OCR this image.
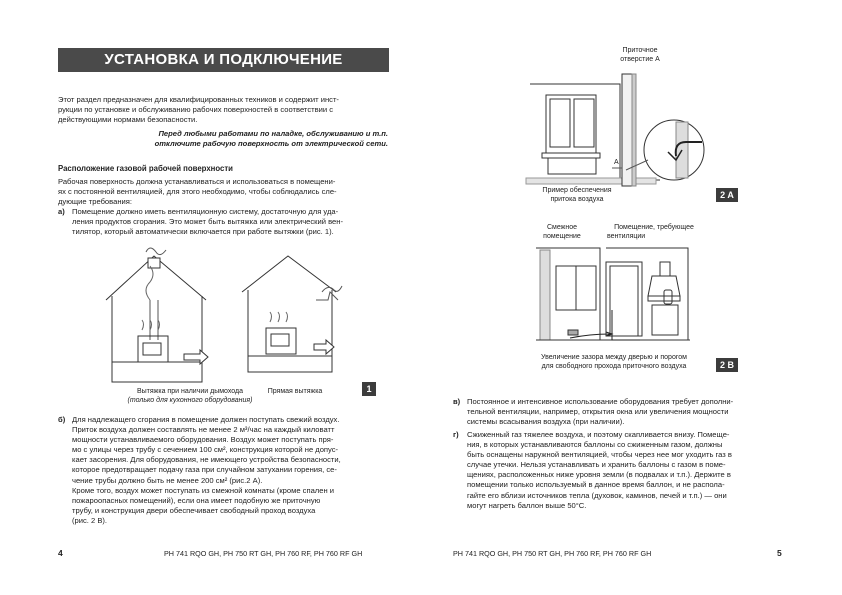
УСТАНОВКА И ПОДКЛЮЧЕНИЕ
Этот раздел предназначен для квалифицированных техников и содержит инст-
рукции по установке и обслуживанию рабочих поверхностей в соответствии с
действующими нормами безопасности.
Перед любыми работами по наладке, обслуживанию и т.п.
отключите рабочую поверхность от электрической сети.
Расположение газовой рабочей поверхности
Рабочая поверхность должна устанавливаться и использоваться в помещени-
ях с постоянной вентиляцией, для этого необходимо, чтобы соблюдались сле-
дующие требования:
а) Помещение должно иметь вентиляционную систему, достаточную для уда-
ления продуктов сгорания. Это может быть вытяжка или электрический вен-
тилятор, который автоматически включается при работе вытяжки (рис. 1).
Вытяжка при наличии дымохода
(только для кухонного оборудования)
Прямая вытяжка	1
б) Для надлежащего сгорания в помещение должен поступать свежий воздух.
Приток воздуха должен составлять не менее 2 м³/час на каждый киловатт
мощности устанавливаемого оборудования. Воздух может поступать пря-
мо с улицы через трубу с сечением 100 см², конструкция которой не допус-
кает засорения. Для оборудования, не имеющего устройства безопасности,
которое предотвращает подачу газа при случайном затухании горения, се-
чение трубы должно быть не менее 200 см² (рис.2 А).
Кроме того, воздух может поступать из смежной комнаты (кроме спален и
пожароопасных помещений), если она имеет подобную же приточную
трубу, и конструкция двери обеспечивает свободный проход воздуха
(рис. 2 В).
4	PH 741 RQO GH, PH 750 RT GH, PH 760 RF, PH 760 RF GH
Приточное
отверстие А
А
Пример обеспечения
притока воздуха	2 A
Смежное
помещение
Помещение, требующее
вентиляции
Увеличение зазора между дверью и порогом
для свободного прохода приточного воздуха	2 B
в) Постоянное и интенсивное использование оборудования требует дополни-
тельной вентиляции, например, открытия окна или увеличения мощности
системы всасывания воздуха (при наличии).
г)	Сжиженный газ тяжелее воздуха, и поэтому скапливается внизу. Помеще-
ния, в которых устанавливаются баллоны со сжиженным газом, должны
быть оснащены наружной вентиляцией, чтобы через нее мог уходить газ в
случае утечки. Нельзя устанавливать и хранить баллоны с газом в поме-
щениях, расположенных ниже уровня земли (в подвалах и т.п.). Держите в
помещении только используемый в данное время баллон, и не распола-
гайте его вблизи источников тепла (духовок, каминов, печей и т.п.) — они
могут нагреть баллон выше 50°С.
PH 741 RQO GH, PH 750 RT GH, PH 760 RF, PH 760 RF GH	5
